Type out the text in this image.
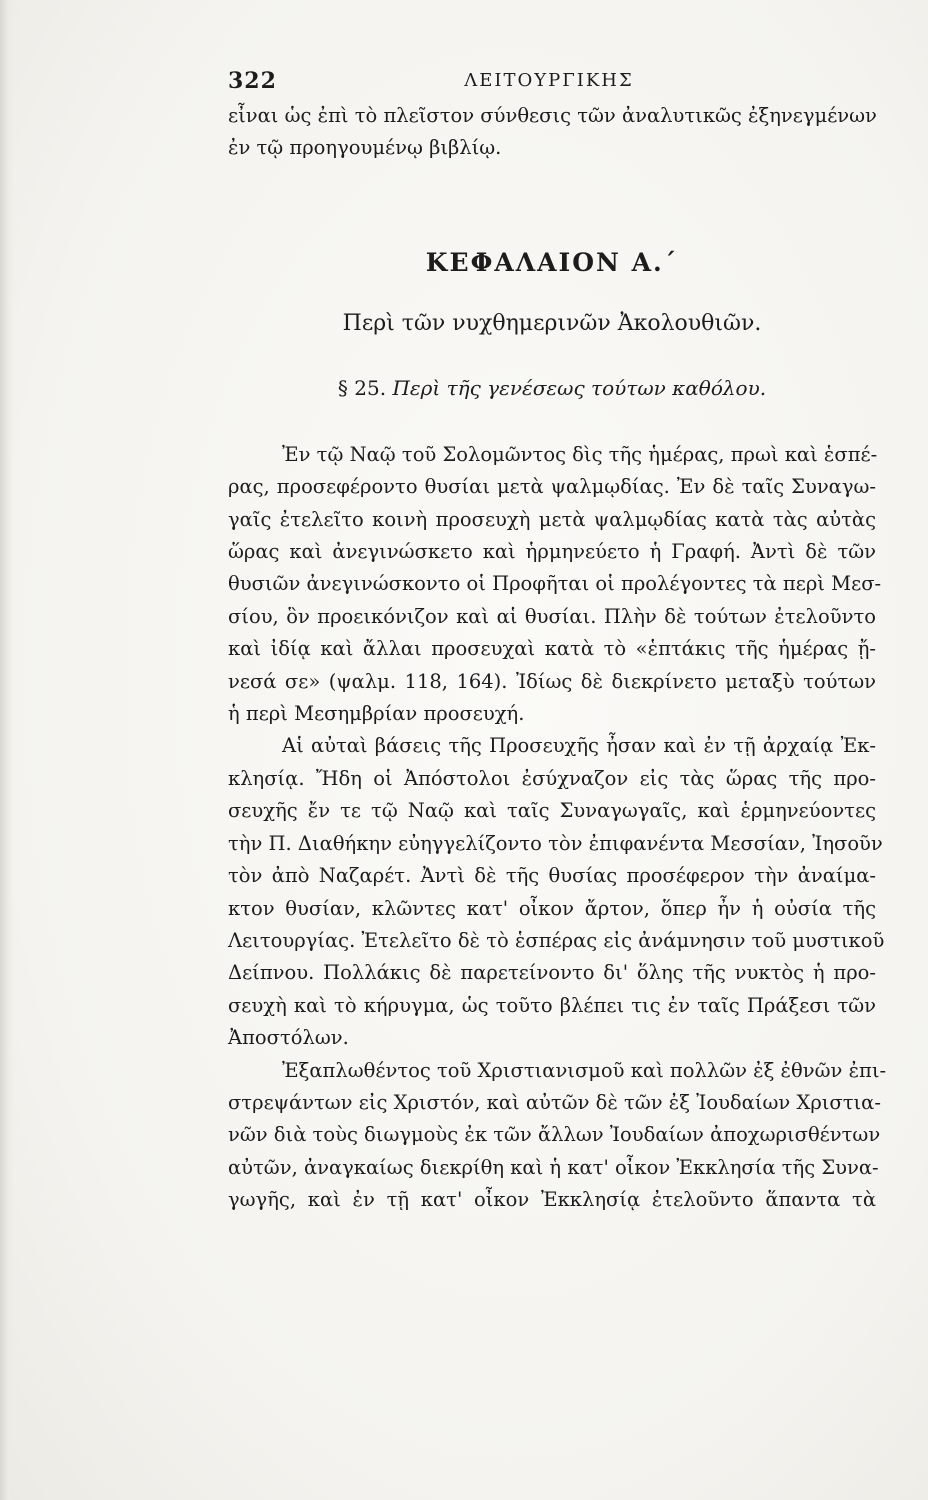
322	ΛΕΙΤΟΥΡΓΙΚΗΣ
εἶναι ὡς ἐπὶ τὸ πλεῖστον σύνθεσις τῶν ἀναλυτικῶς ἐξηνεγμένων
ἐν τῷ προηγουμένῳ βιβλίῳ.
ΚΕΦΑΛΑΙΟΝ Α.΄
Περὶ τῶν νυχθημερινῶν Ἀκολουθιῶν.
§ 25. Περὶ τῆς γενέσεως τούτων καθόλου.
Ἐν τῷ Ναῷ τοῦ Σολομῶντος δὶς τῆς ἡμέρας, πρωὶ καὶ ἑσπέ-
ρας, προσεφέροντο θυσίαι μετὰ ψαλμῳδίας. Ἐν δὲ ταῖς Συναγω-
γαῖς ἐτελεῖτο κοινὴ προσευχὴ μετὰ ψαλμῳδίας κατὰ τὰς αὐτὰς
ὥρας καὶ ἀνεγινώσκετο καὶ ἡρμηνεύετο ἡ Γραφή. Ἀντὶ δὲ τῶν
θυσιῶν ἀνεγινώσκοντο οἱ Προφῆται οἱ προλέγοντες τὰ περὶ Μεσ-
σίου, ὃν προεικόνιζον καὶ αἱ θυσίαι. Πλὴν δὲ τούτων ἐτελοῦντο
καὶ ἰδίᾳ καὶ ἄλλαι προσευχαὶ κατὰ τὸ «ἑπτάκις τῆς ἡμέρας ᾔ-
νεσά σε» (ψαλμ. 118, 164). Ἰδίως δὲ διεκρίνετο μεταξὺ τούτων
ἡ περὶ Μεσημβρίαν προσευχή.
Αἱ αὐταὶ βάσεις τῆς Προσευχῆς ἦσαν καὶ ἐν τῇ ἀρχαίᾳ Ἐκ-
κλησίᾳ. Ἤδη οἱ Ἀπόστολοι ἐσύχναζον εἰς τὰς ὥρας τῆς προ-
σευχῆς ἔν τε τῷ Ναῷ καὶ ταῖς Συναγωγαῖς, καὶ ἑρμηνεύοντες
τὴν Π. Διαθήκην εὐηγγελίζοντο τὸν ἐπιφανέντα Μεσσίαν, Ἰησοῦν
τὸν ἀπὸ Ναζαρέτ. Ἀντὶ δὲ τῆς θυσίας προσέφερον τὴν ἀναίμα-
κτον θυσίαν, κλῶντες κατ' οἶκον ἄρτον, ὅπερ ἦν ἡ οὐσία τῆς
Λειτουργίας. Ἐτελεῖτο δὲ τὸ ἑσπέρας εἰς ἀνάμνησιν τοῦ μυστικοῦ
Δείπνου. Πολλάκις δὲ παρετείνοντο δι' ὅλης τῆς νυκτὸς ἡ προ-
σευχὴ καὶ τὸ κήρυγμα, ὡς τοῦτο βλέπει τις ἐν ταῖς Πράξεσι τῶν
Ἀποστόλων.
Ἐξαπλωθέντος τοῦ Χριστιανισμοῦ καὶ πολλῶν ἐξ ἐθνῶν ἐπι-
στρεψάντων εἰς Χριστόν, καὶ αὐτῶν δὲ τῶν ἐξ Ἰουδαίων Χριστια-
νῶν διὰ τοὺς διωγμοὺς ἐκ τῶν ἄλλων Ἰουδαίων ἀποχωρισθέντων
αὐτῶν, ἀναγκαίως διεκρίθη καὶ ἡ κατ' οἶκον Ἐκκλησία τῆς Συνα-
γωγῆς, καὶ ἐν τῇ κατ' οἶκον Ἐκκλησίᾳ ἐτελοῦντο ἅπαντα τὰ
